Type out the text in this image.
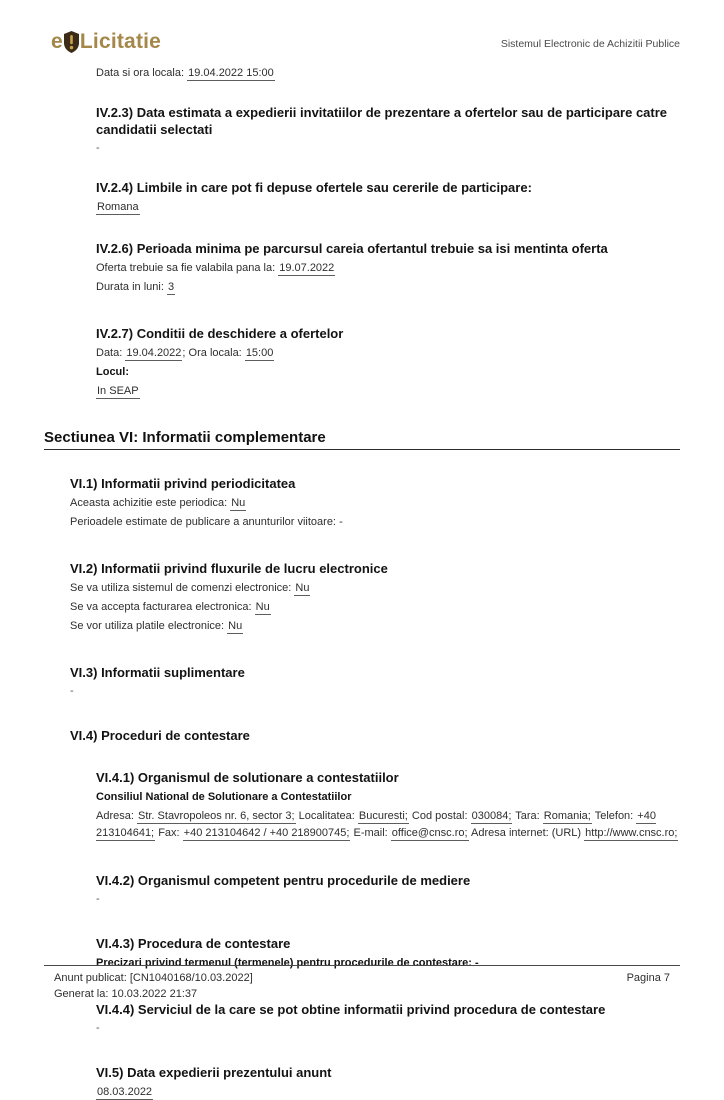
e Licitatie	Sistemul Electronic de Achizitii Publice
Data si ora locala: 19.04.2022 15:00
IV.2.3) Data estimata a expedierii invitatiilor de prezentare a ofertelor sau de participare catre candidatii selectati
-
IV.2.4) Limbile in care pot fi depuse ofertele sau cererile de participare:
Romana
IV.2.6) Perioada minima pe parcursul careia ofertantul trebuie sa isi mentinta oferta
Oferta trebuie sa fie valabila pana la: 19.07.2022
Durata in luni: 3
IV.2.7) Conditii de deschidere a ofertelor
Data: 19.04.2022; Ora locala: 15:00
Locul:
In SEAP
Sectiunea VI: Informatii complementare
VI.1) Informatii privind periodicitatea
Aceasta achizitie este periodica: Nu
Perioadele estimate de publicare a anunturilor viitoare: -
VI.2) Informatii privind fluxurile de lucru electronice
Se va utiliza sistemul de comenzi electronice: Nu
Se va accepta facturarea electronica: Nu
Se vor utiliza platile electronice: Nu
VI.3) Informatii suplimentare
-
VI.4) Proceduri de contestare
VI.4.1) Organismul de solutionare a contestatiilor
Consiliul National de Solutionare a Contestatiilor
Adresa: Str. Stavropoleos nr. 6, sector 3; Localitatea: Bucuresti; Cod postal: 030084; Tara: Romania; Telefon: +40 213104641; Fax: +40 213104642 / +40 218900745; E-mail: office@cnsc.ro; Adresa internet: (URL) http://www.cnsc.ro;
VI.4.2) Organismul competent pentru procedurile de mediere
-
VI.4.3) Procedura de contestare
Precizari privind termenul (termenele) pentru procedurile de contestare: -
VI.4.4) Serviciul de la care se pot obtine informatii privind procedura de contestare
-
VI.5) Data expedierii prezentului anunt
08.03.2022
Anunt publicat: [CN1040168/10.03.2022]	Pagina 7
Generat la: 10.03.2022 21:37
